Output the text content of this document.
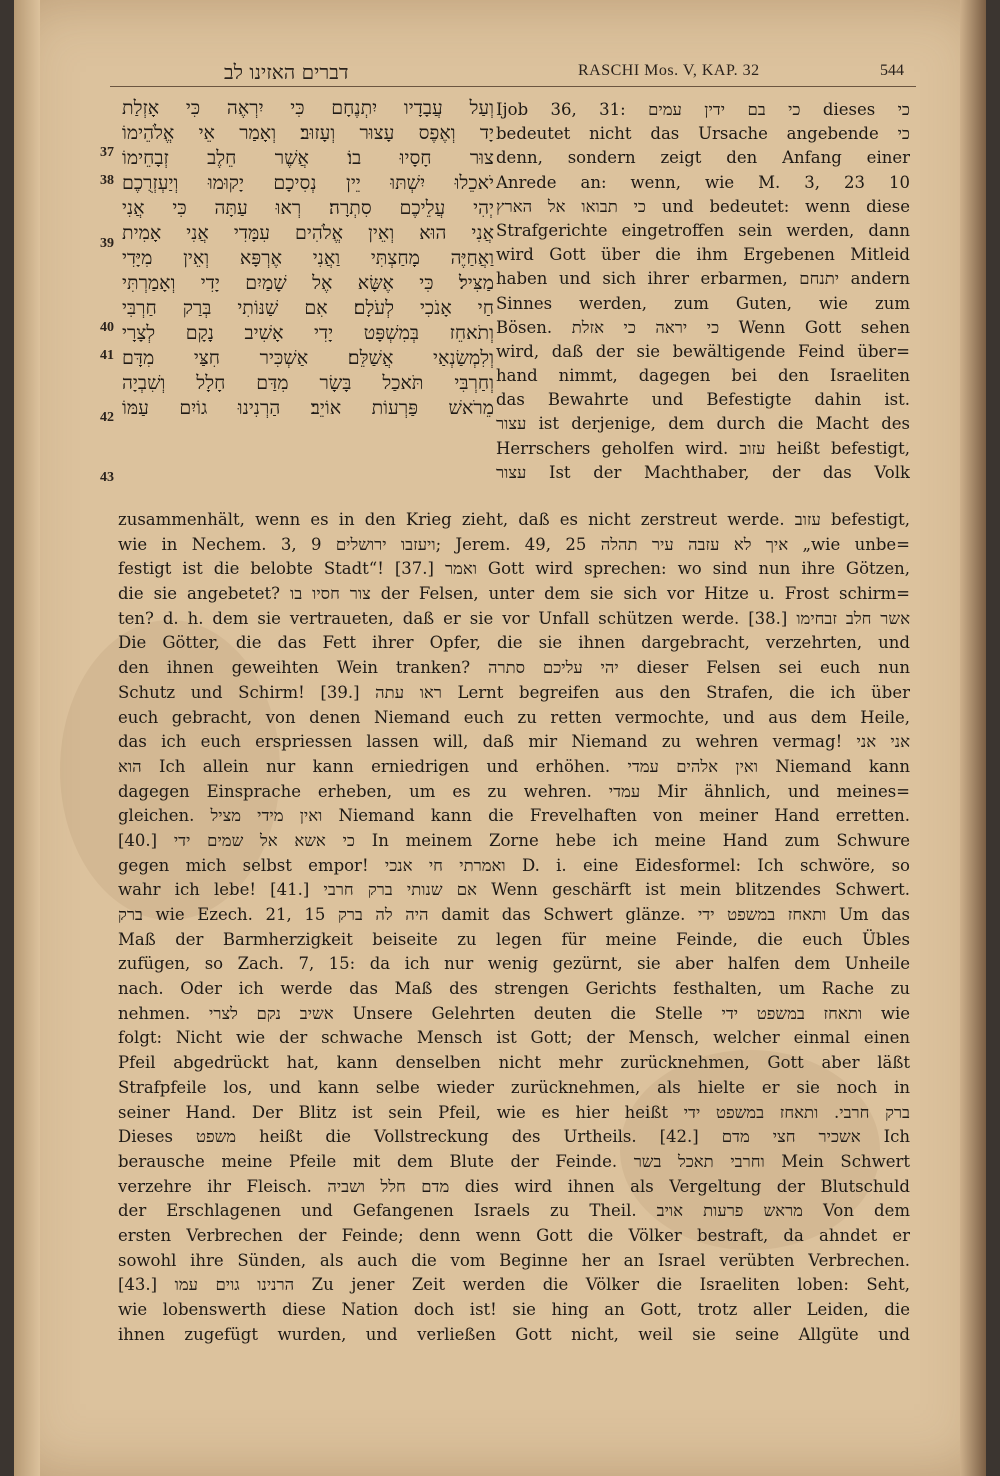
דברים האזינו לב	RASCHI Mos. V, KAP. 32	544
37
38
39
40
41
42
43
וְעַל עֲבָדָיו יִתְנֶחָם כִּי יִרְאֶה כִּי אָזְלַת
יָד וְאֶפֶס עָצוּר וְעָזוּב׃ וְאָמַר אֵי אֱלֹהֵימוֹ
צוּר חָסָיוּ בוֹ׃ אֲשֶׁר חֵלֶב זְבָחֵימוֹ
יֹאכֵלוּ יִשְׁתּוּ יֵין נְסִיכָם יָקוּמוּ וְיַעְזְרֻכֶם
יְהִי עֲלֵיכֶם סִתְרָה׃ רְאוּ עַתָּה כִּי אֲנִי
אֲנִי הוּא וְאֵין אֱלֹהִים עִמָּדִי אֲנִי אָמִית
וַאֲחַיֶּה מָחַצְתִּי וַאֲנִי אֶרְפָּא וְאֵין מִיָּדִי
מַצִּיל׃ כִּי אֶשָּׂא אֶל שָׁמַיִם יָדִי וְאָמַרְתִּי
חַי אָנֹכִי לְעֹלָם׃ אִם שַׁנּוֹתִי בְּרַק חַרְבִּי
וְתֹאחֵז בְּמִשְׁפָּט יָדִי אָשִׁיב נָקָם לְצָרָי
וְלִמְשַׂנְאַי אֲשַׁלֵּם׃ אַשְׁכִּיר חִצַּי מִדָּם
וְחַרְבִּי תֹּאכַל בָּשָׂר מִדַּם חָלָל וְשִׁבְיָה
מֵרֹאשׁ פַּרְעוֹת אוֹיֵב׃ הַרְנִינוּ גוֹיִם עַמּוֹ
Ijob 36, 31: כי בם ידין עמים dieses כי
bedeutet nicht das Ursache angebende כי
denn, sondern zeigt den Anfang einer
Anrede an: wenn, wie M. 3, 23 10
כי תבואו אל הארץ und bedeutet: wenn diese
Strafgerichte eingetroffen sein werden, dann
wird Gott über die ihm Ergebenen Mitleid
haben und sich ihrer erbarmen, יתנחם andern
Sinnes werden, zum Guten, wie zum
Bösen. כי יראה כי אזלת Wenn Gott sehen
wird, daß der sie bewältigende Feind über=
hand nimmt, dagegen bei den Israeliten
das Bewahrte und Befestigte dahin ist.
עצור ist derjenige, dem durch die Macht des
Herrschers geholfen wird. עזוב heißt befestigt,
עצור Ist der Machthaber, der das Volk
zusammenhält, wenn es in den Krieg zieht, daß es nicht zerstreut werde. עזוב befestigt,
wie in Nechem. 3, 9 ויעזבו ירושלים; Jerem. 49, 25 איך לא עזבה עיר תהלה „wie unbe=
festigt ist die belobte Stadt“! [37.] ואמר Gott wird sprechen: wo sind nun ihre Götzen,
die sie angebetet? צור חסיו בו der Felsen, unter dem sie sich vor Hitze u. Frost schirm=
ten? d. h. dem sie vertraueten, daß er sie vor Unfall schützen werde. [38.] אשר חלב זבחימו
Die Götter, die das Fett ihrer Opfer, die sie ihnen dargebracht, verzehrten, und
den ihnen geweihten Wein tranken? יהי עליכם סתרה dieser Felsen sei euch nun
Schutz und Schirm! [39.] ראו עתה Lernt begreifen aus den Strafen, die ich über
euch gebracht, von denen Niemand euch zu retten vermochte, und aus dem Heile,
das ich euch erspriessen lassen will, daß mir Niemand zu wehren vermag! אני אני
הוא Ich allein nur kann erniedrigen und erhöhen. ואין אלהים עמדי Niemand kann
dagegen Einsprache erheben, um es zu wehren. עמדי Mir ähnlich, und meines=
gleichen. ואין מידי מציל Niemand kann die Frevelhaften von meiner Hand erretten.
[40.] כי אשא אל שמים ידי In meinem Zorne hebe ich meine Hand zum Schwure
gegen mich selbst empor! ואמרתי חי אנכי D. i. eine Eidesformel: Ich schwöre, so
wahr ich lebe! [41.] אם שנותי ברק חרבי Wenn geschärft ist mein blitzendes Schwert.
ברק wie Ezech. 21, 15 היה לה ברק damit das Schwert glänze. ותאחז במשפט ידי Um das
Maß der Barmherzigkeit beiseite zu legen für meine Feinde, die euch Übles
zufügen, so Zach. 7, 15: da ich nur wenig gezürnt, sie aber halfen dem Unheile
nach. Oder ich werde das Maß des strengen Gerichts festhalten, um Rache zu
nehmen. אשיב נקם לצרי Unsere Gelehrten deuten die Stelle ותאחז במשפט ידי wie
folgt: Nicht wie der schwache Mensch ist Gott; der Mensch, welcher einmal einen
Pfeil abgedrückt hat, kann denselben nicht mehr zurücknehmen, Gott aber läßt
Strafpfeile los, und kann selbe wieder zurücknehmen, als hielte er sie noch in
seiner Hand. Der Blitz ist sein Pfeil, wie es hier heißt ברק חרבי. ותאחז במשפט ידי
Dieses משפט heißt die Vollstreckung des Urtheils. [42.] אשכיר חצי מדם Ich
berausche meine Pfeile mit dem Blute der Feinde. וחרבי תאכל בשר Mein Schwert
verzehre ihr Fleisch. מדם חלל ושביה dies wird ihnen als Vergeltung der Blutschuld
der Erschlagenen und Gefangenen Israels zu Theil. מראש פרעות אויב Von dem
ersten Verbrechen der Feinde; denn wenn Gott die Völker bestraft, da ahndet er
sowohl ihre Sünden, als auch die vom Beginne her an Israel verübten Verbrechen.
[43.] הרנינו גוים עמו Zu jener Zeit werden die Völker die Israeliten loben: Seht,
wie lobenswerth diese Nation doch ist! sie hing an Gott, trotz aller Leiden, die
ihnen zugefügt wurden, und verließen Gott nicht, weil sie seine Allgüte und
